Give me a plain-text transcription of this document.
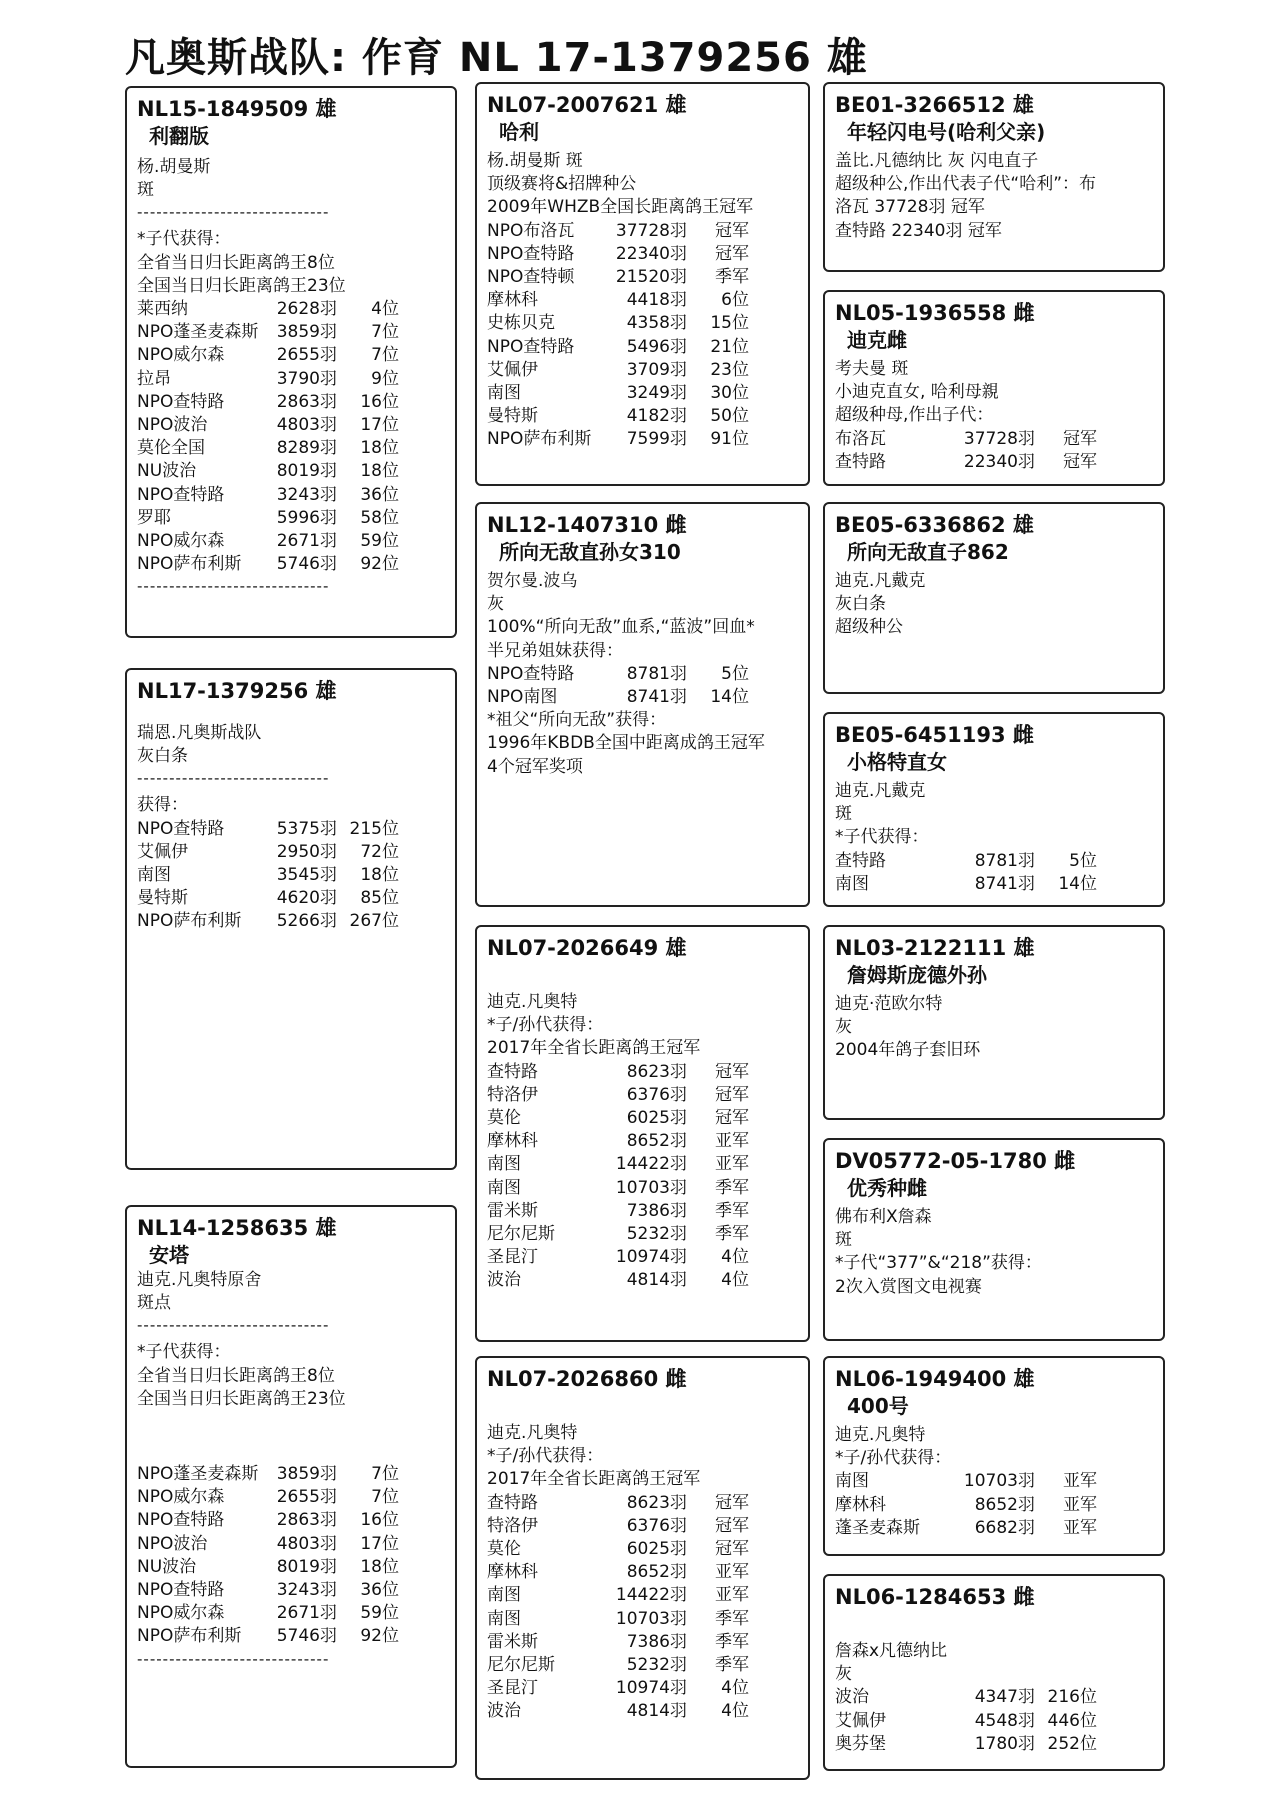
凡奥斯战队: 作育 NL 17-1379256 雄
NL15-1849509 雄
利翻版
杨.胡曼斯
斑
------------------------------
*子代获得：
全省当日归长距离鸽王8位
全国当日归长距离鸽王23位
莱西纳	2628羽	4位
NPO蓬圣麦森斯	3859羽	7位
NPO威尔森	2655羽	7位
拉昂	3790羽	9位
NPO查特路	2863羽	16位
NPO波治	4803羽	17位
莫伦全国	8289羽	18位
NU波治	8019羽	18位
NPO查特路	3243羽	36位
罗耶	5996羽	58位
NPO威尔森	2671羽	59位
NPO萨布利斯	5746羽	92位
------------------------------
NL17-1379256 雄
瑞恩.凡奥斯战队
灰白条
------------------------------
获得：
NPO查特路	5375羽 215位
艾佩伊	2950羽	72位
南图	3545羽	18位
曼特斯	4620羽	85位
NPO萨布利斯	5266羽 267位
NL14-1258635 雄
安塔
迪克.凡奥特原舍
斑点
------------------------------
*子代获得：
全省当日归长距离鸽王8位
全国当日归长距离鸽王23位
NPO蓬圣麦森斯	3859羽	7位
NPO威尔森	2655羽	7位
NPO查特路	2863羽	16位
NPO波治	4803羽	17位
NU波治	8019羽	18位
NPO查特路	3243羽	36位
NPO威尔森	2671羽	59位
NPO萨布利斯	5746羽	92位
------------------------------
NL07-2007621 雄
哈利
杨.胡曼斯 斑
顶级赛将&招牌种公
2009年WHZB全国长距离鸽王冠军
NPO布洛瓦	37728羽	冠军
NPO查特路	22340羽	冠军
NPO查特顿	21520羽	季军
摩林科	4418羽	6位
史栋贝克	4358羽	15位
NPO查特路	5496羽	21位
艾佩伊	3709羽	23位
南图	3249羽	30位
曼特斯	4182羽	50位
NPO萨布利斯	7599羽	91位
NL12-1407310 雌
所向无敌直孙女310
贺尔曼.波乌
灰
100%“所向无敌”血系,“蓝波”回血*
半兄弟姐妹获得：
NPO查特路	8781羽	5位
NPO南图	8741羽	14位
*祖父“所向无敌”获得：
1996年KBDB全国中距离成鸽王冠军
4个冠军奖项
NL07-2026649 雄
迪克.凡奥特
*子/孙代获得：
2017年全省长距离鸽王冠军
查特路	8623羽	冠军
特洛伊	6376羽	冠军
莫伦	6025羽	冠军
摩林科	8652羽	亚军
南图	14422羽	亚军
南图	10703羽	季军
雷米斯	7386羽	季军
尼尔尼斯	5232羽	季军
圣昆汀	10974羽	4位
波治	4814羽	4位
NL07-2026860 雌
迪克.凡奥特
*子/孙代获得：
2017年全省长距离鸽王冠军
查特路	8623羽	冠军
特洛伊	6376羽	冠军
莫伦	6025羽	冠军
摩林科	8652羽	亚军
南图	14422羽	亚军
南图	10703羽	季军
雷米斯	7386羽	季军
尼尔尼斯	5232羽	季军
圣昆汀	10974羽	4位
波治	4814羽	4位
BE01-3266512 雄
年轻闪电号(哈利父亲)
盖比.凡德纳比 灰 闪电直子
超级种公,作出代表子代“哈利”：布
洛瓦 37728羽 冠军
查特路 22340羽 冠军
NL05-1936558 雌
迪克雌
考夫曼 斑
小迪克直女, 哈利母親
超级种母,作出子代：
布洛瓦	37728羽	冠军
查特路	22340羽	冠军
BE05-6336862 雄
所向无敌直子862
迪克.凡戴克
灰白条
超级种公
BE05-6451193 雌
小格特直女
迪克.凡戴克
斑
*子代获得：
查特路	8781羽	5位
南图	8741羽	14位
NL03-2122111 雄
詹姆斯庞德外孙
迪克·范欧尔特
灰
2004年鸽子套旧环
DV05772-05-1780 雌
优秀种雌
佛布利X詹森
斑
*子代“377”&“218”获得：
2次入赏图文电视赛
NL06-1949400 雄
400号
迪克.凡奥特
*子/孙代获得：
南图	10703羽	亚军
摩林科	8652羽	亚军
蓬圣麦森斯	6682羽	亚军
NL06-1284653 雌
詹森x凡德纳比
灰
波治	4347羽 216位
艾佩伊	4548羽 446位
奥芬堡	1780羽 252位
